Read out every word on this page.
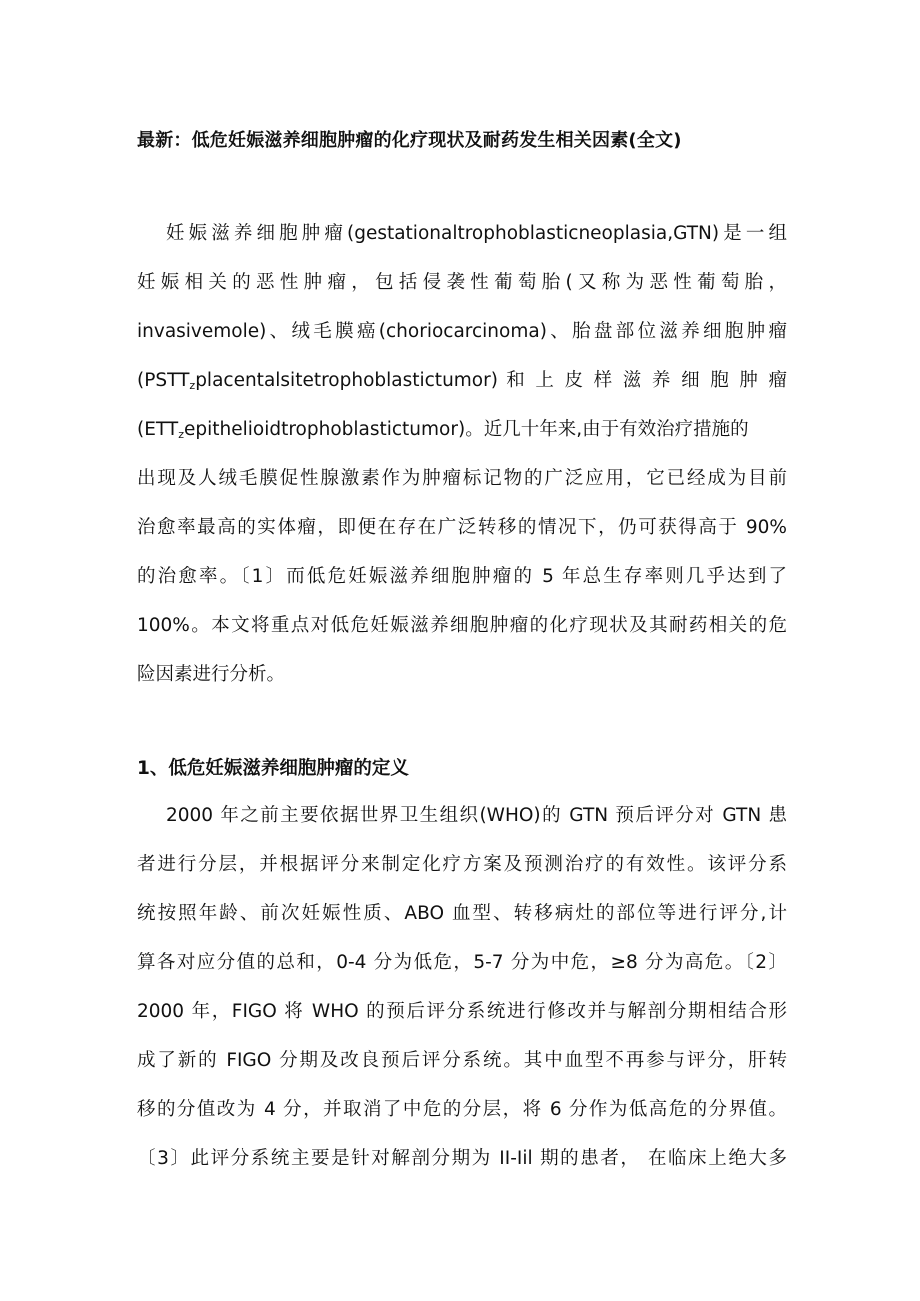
最新：低危妊娠滋养细胞肿瘤的化疗现状及耐药发生相关因素(全文)
妊娠滋养细胞肿瘤(gestationaltrophoblasticneoplasia,GTN)是一组
妊娠相关的恶性肿瘤，包括侵袭性葡萄胎(又称为恶性葡萄胎，
invasivemole)、绒毛膜癌(choriocarcinoma)、胎盘部位滋养细胞肿瘤
$(PSTT_zplacentalsitetrophoblastictumor)$ 和 上 皮 样 滋 养 细 胞 肿 瘤
$(ETT_zepithelioidtrophoblastictumor)$。近几十年来,由于有效治疗措施的
出现及人绒毛膜促性腺激素作为肿瘤标记物的广泛应用，它已经成为目前
治愈率最高的实体瘤，即便在存在广泛转移的情况下，仍可获得高于 90%
的治愈率。〔1〕而低危妊娠滋养细胞肿瘤的 5 年总生存率则几乎达到了
100%。本文将重点对低危妊娠滋养细胞肿瘤的化疗现状及其耐药相关的危
险因素进行分析。
1、低危妊娠滋养细胞肿瘤的定义
2000 年之前主要依据世界卫生组织(WHO)的 GTN 预后评分对 GTN 患
者进行分层，并根据评分来制定化疗方案及预测治疗的有效性。该评分系
统按照年龄、前次妊娠性质、ABO 血型、转移病灶的部位等进行评分,计
算各对应分值的总和，0-4 分为低危，5-7 分为中危，≥8 分为高危。〔2〕
2000 年，FIGO 将 WHO 的预后评分系统进行修改并与解剖分期相结合形
成了新的 FIGO 分期及改良预后评分系统。其中血型不再参与评分，肝转
移的分值改为 4 分，并取消了中危的分层，将 6 分作为低高危的分界值。
〔3〕此评分系统主要是针对解剖分期为 II-Iil 期的患者， 在临床上绝大多
